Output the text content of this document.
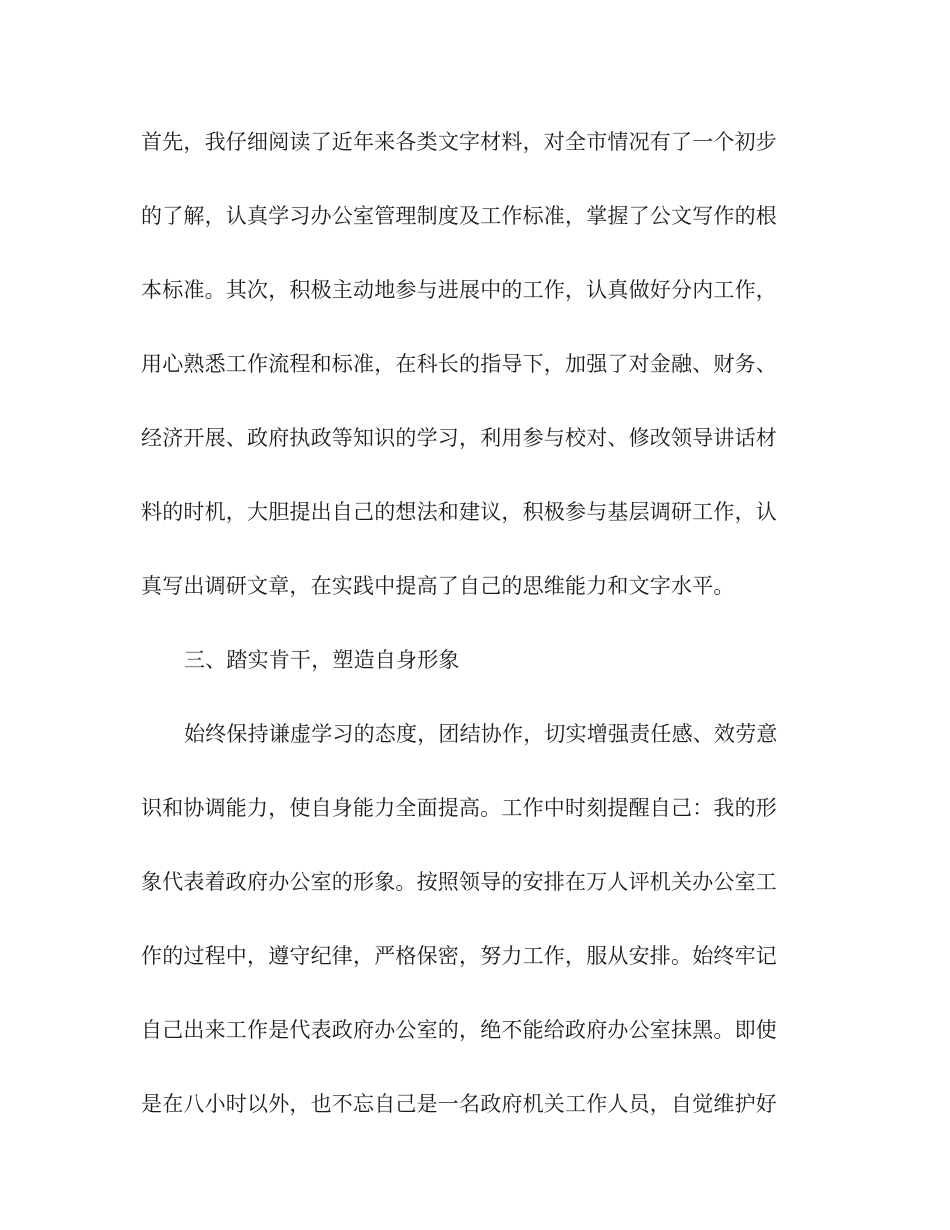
首先，我仔细阅读了近年来各类文字材料，对全市情况有了一个初步
的了解，认真学习办公室管理制度及工作标准，掌握了公文写作的根
本标准。其次，积极主动地参与进展中的工作，认真做好分内工作，
用心熟悉工作流程和标准，在科长的指导下，加强了对金融、财务、
经济开展、政府执政等知识的学习，利用参与校对、修改领导讲话材
料的时机，大胆提出自己的想法和建议，积极参与基层调研工作，认
真写出调研文章，在实践中提高了自己的思维能力和文字水平。
三、踏实肯干，塑造自身形象
始终保持谦虚学习的态度，团结协作，切实增强责任感、效劳意
识和协调能力，使自身能力全面提高。工作中时刻提醒自己：我的形
象代表着政府办公室的形象。按照领导的安排在万人评机关办公室工
作的过程中，遵守纪律，严格保密，努力工作，服从安排。始终牢记
自己出来工作是代表政府办公室的，绝不能给政府办公室抹黑。即使
是在八小时以外，也不忘自己是一名政府机关工作人员，自觉维护好
